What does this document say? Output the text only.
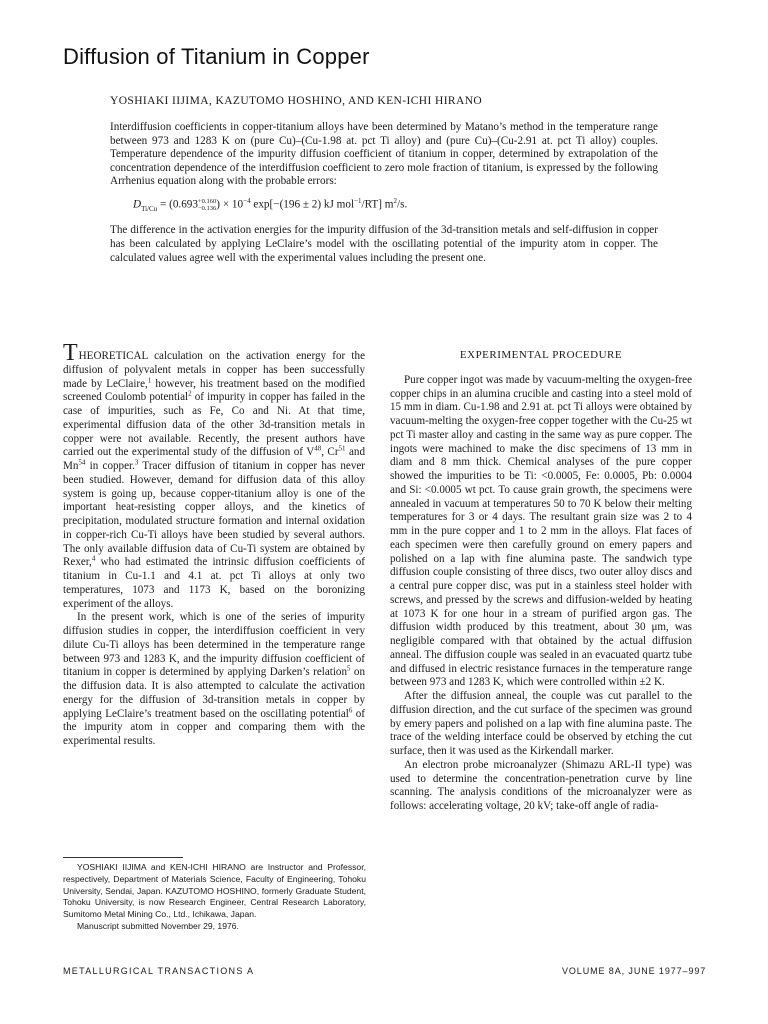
Diffusion of Titanium in Copper
YOSHIAKI IIJIMA, KAZUTOMO HOSHINO, AND KEN-ICHI HIRANO

Interdiffusion coefficients in copper-titanium alloys have been determined by Matano’s method in the temperature range between 973 and 1283 K on (pure Cu)–(Cu-1.98 at. pct Ti alloy) and (pure Cu)–(Cu-2.91 at. pct Ti alloy) couples. Temperature dependence of the impurity diffusion coefficient of titanium in copper, determined by extrapolation of the concentration dependence of the interdiffusion coefficient to zero mole fraction of titanium, is expressed by the following Arrhenius equation along with the probable errors:

$D_{Ti/Cu} = (0.693+0.160$
$-0.136) \times 10^{-4}$ exp[−(196 ± 2) kJ mol$^{-1}$/RT] $m^2/s$.

The difference in the activation energies for the impurity diffusion of the 3d-transition metals and self-diffusion in copper has been calculated by applying LeClaire’s model with the oscillating potential of the impurity atom in copper. The calculated values agree well with the experimental values including the present one.

THEORETICAL calculation on the activation energy for the diffusion of polyvalent metals in copper has been successfully made by LeClaire,$^1$ however, his treatment based on the modified screened Coulomb potential$^2$ of impurity in copper has failed in the case of impurities, such as Fe, Co and Ni. At that time, experimental diffusion data of the other 3d-transition metals in copper were not available. Recently, the present authors have carried out the experimental study of the diffusion of $V^{48}$, Cr$^{51}$ and Mn$^{54}$ in copper.$^3$ Tracer diffusion of titanium in copper has never been studied. However, demand for diffusion data of this alloy system is going up, because copper-titanium alloy is one of the important heat-resisting copper alloys, and the kinetics of precipitation, modulated structure formation and internal oxidation in copper-rich Cu-Ti alloys have been studied by several authors. The only available diffusion data of Cu-Ti system are obtained by Rexer,$^4$ who had estimated the intrinsic diffusion coefficients of titanium in Cu-1.1 and 4.1 at. pct Ti alloys at only two temperatures, 1073 and 1173 K, based on the boronizing experiment of the alloys.

In the present work, which is one of the series of impurity diffusion studies in copper, the interdiffusion coefficient in very dilute Cu-Ti alloys has been determined in the temperature range between 973 and 1283 K, and the impurity diffusion coefficient of titanium in copper is determined by applying Darken’s relation$^5$ on the diffusion data. It is also attempted to calculate the activation energy for the diffusion of 3d-transition metals in copper by applying LeClaire’s treatment based on the oscillating potential$^6$ of the impurity atom in copper and comparing them with the experimental results.

EXPERIMENTAL PROCEDURE

Pure copper ingot was made by vacuum-melting the oxygen-free copper chips in an alumina crucible and casting into a steel mold of 15 mm in diam. Cu-1.98 and 2.91 at. pct Ti alloys were obtained by vacuum-melting the oxygen-free copper together with the Cu-25 wt pct Ti master alloy and casting in the same way as pure copper. The ingots were machined to make the disc specimens of 13 mm in diam and 8 mm thick. Chemical analyses of the pure copper showed the impurities to be Ti: <0.0005, Fe: 0.0005, Pb: 0.0004 and Si: <0.0005 wt pct. To cause grain growth, the specimens were annealed in vacuum at temperatures 50 to 70 K below their melting temperatures for 3 or 4 days. The resultant grain size was 2 to 4 mm in the pure copper and 1 to 2 mm in the alloys. Flat faces of each specimen were then carefully ground on emery papers and polished on a lap with fine alumina paste. The sandwich type diffusion couple consisting of three discs, two outer alloy discs and a central pure copper disc, was put in a stainless steel holder with screws, and pressed by the screws and diffusion-welded by heating at 1073 K for one hour in a stream of purified argon gas. The diffusion width produced by this treatment, about 30 μm, was negligible compared with that obtained by the actual diffusion anneal. The diffusion couple was sealed in an evacuated quartz tube and diffused in electric resistance furnaces in the temperature range between 973 and 1283 K, which were controlled within ±2 K.

After the diffusion anneal, the couple was cut parallel to the diffusion direction, and the cut surface of the specimen was ground by emery papers and polished on a lap with fine alumina paste. The trace of the welding interface could be observed by etching the cut surface, then it was used as the Kirkendall marker.

An electron probe microanalyzer (Shimazu ARL-II type) was used to determine the concentration-penetration curve by line scanning. The analysis conditions of the microanalyzer were as follows: accelerating voltage, 20 kV; take-off angle of radia-

YOSHIAKI IIJIMA and KEN-ICHI HIRANO are Instructor and Professor, respectively, Department of Materials Science, Faculty of Engineering, Tohoku University, Sendai, Japan. KAZUTOMO HOSHINO, formerly Graduate Student, Tohoku University, is now Research Engineer, Central Research Laboratory, Sumitomo Metal Mining Co., Ltd., Ichikawa, Japan.

Manuscript submitted November 29, 1976.

METALLURGICAL TRANSACTIONS A	VOLUME 8A, JUNE 1977–997
